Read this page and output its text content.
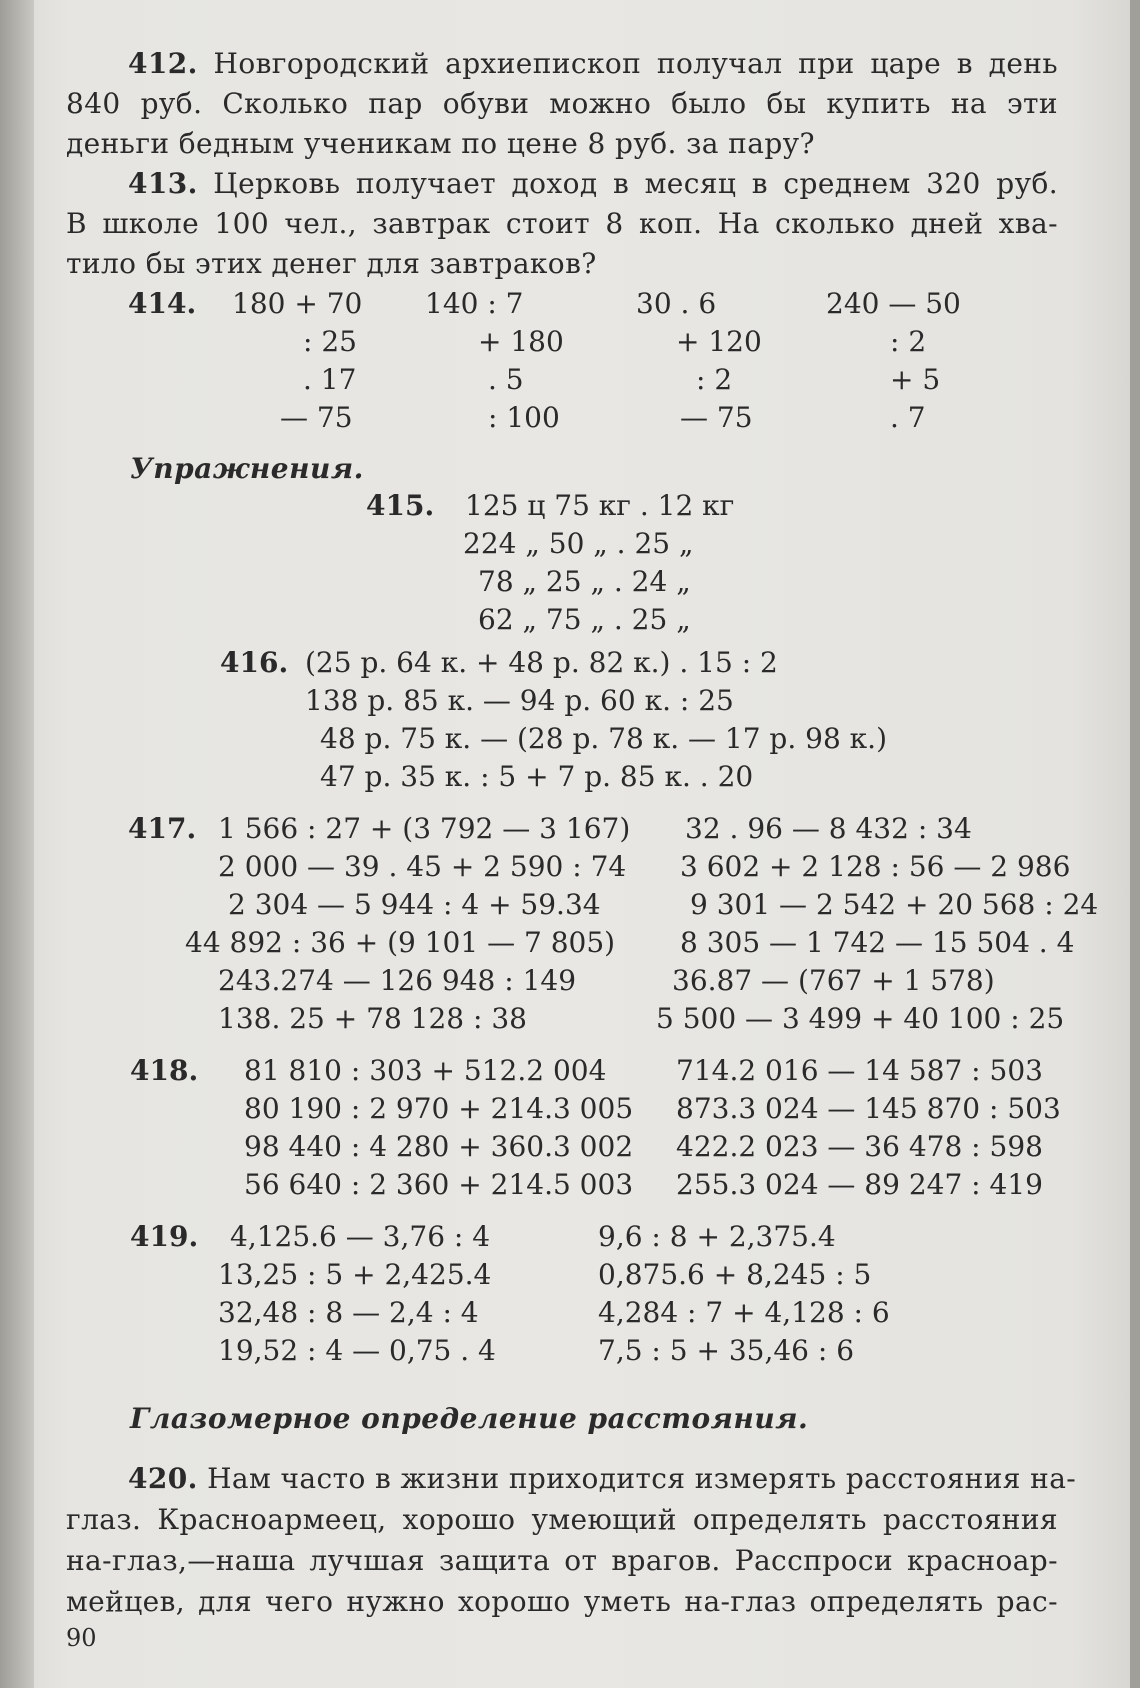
412. Новгородский архиепископ получал при царе в день
840 руб. Сколько пар обуви можно было бы купить на эти
деньги бедным ученикам по цене 8 руб. за пару?
413. Церковь получает доход в месяц в среднем 320 руб.
В школе 100 чел., завтрак стоит 8 коп. На сколько дней хва-
тило бы этих денег для завтраков?
414. 180 + 70
: 25
. 17
— 75
140 : 7
+ 180
. 5
: 100
30 . 6
+ 120
: 2
— 75
240 — 50
: 2
+ 5
. 7
Упражнения.
415. 125 ц 75 кг . 12 кг
224 „ 50 „ . 25 „
78 „ 25 „ . 24 „
62 „ 75 „ . 25 „
416. (25 р. 64 к. + 48 р. 82 к.) . 15 : 2
138 р. 85 к. — 94 р. 60 к. : 25
48 р. 75 к. — (28 р. 78 к. — 17 р. 98 к.)
47 р. 35 к. : 5 + 7 р. 85 к. . 20
417. 1 566 : 27 + (3 792 — 3 167)
2 000 — 39 . 45 + 2 590 : 74
2 304 — 5 944 : 4 + 59.34
44 892 : 36 + (9 101 — 7 805)
243.274 — 126 948 : 149
138. 25 + 78 128 : 38
32 . 96 — 8 432 : 34
3 602 + 2 128 : 56 — 2 986
9 301 — 2 542 + 20 568 : 24
8 305 — 1 742 — 15 504 . 4
36.87 — (767 + 1 578)
5 500 — 3 499 + 40 100 : 25
418. 81 810 : 303 + 512.2 004
80 190 : 2 970 + 214.3 005
98 440 : 4 280 + 360.3 002
56 640 : 2 360 + 214.5 003
714.2 016 — 14 587 : 503
873.3 024 — 145 870 : 503
422.2 023 — 36 478 : 598
255.3 024 — 89 247 : 419
419. 4,125.6 — 3,76 : 4
13,25 : 5 + 2,425.4
32,48 : 8 — 2,4 : 4
19,52 : 4 — 0,75 . 4
9,6 : 8 + 2,375.4
0,875.6 + 8,245 : 5
4,284 : 7 + 4,128 : 6
7,5 : 5 + 35,46 : 6
Глазомерное определение расстояния.
420. Нам часто в жизни приходится измерять расстояния на-
глаз. Красноармеец, хорошо умеющий определять расстояния
на-глаз,—наша лучшая защита от врагов. Расспроси красноар-
мейцев, для чего нужно хорошо уметь на-глаз определять рас-
90
